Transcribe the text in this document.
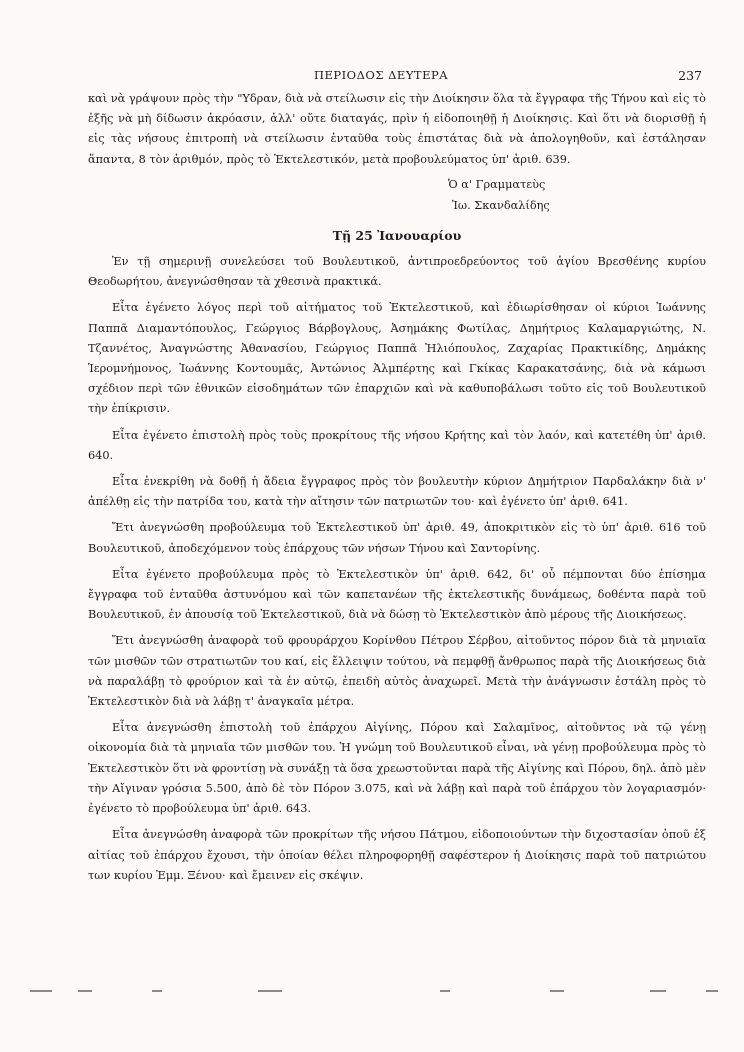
ΠΕΡΙΟΔΟΣ ΔΕΥΤΕΡΑ	237

καὶ νὰ γράψουν πρὸς τὴν "Υδραν, διὰ νὰ στείλωσιν εἰς τὴν Διοίκησιν ὅλα τὰ ἔγγραφα τῆς Τήνου καὶ εἰς τὸ ἑξῆς νὰ μὴ δίδωσιν ἀκρόασιν, ἀλλ' οὔτε διαταγάς, πρὶν ἡ εἰδοποιηθῇ ἡ Διοίκησις. Καὶ ὅτι νὰ διορισθῇ ἡ εἰς τὰς νήσους ἐπιτροπὴ νὰ στείλωσιν ἐνταῦθα τοὺς ἐπιστάτας διὰ νὰ ἀπολογηθοῦν, καὶ ἐστάλησαν ἅπαντα, 8 τὸν ἀριθμόν, πρὸς τὸ Ἐκτελεστικόν, μετὰ προβουλεύματος ὑπ' ἀριθ. 639.

Ὁ α' Γραμματεὺς
Ἰω. Σκανδαλίδης

Τῇ 25 Ἰανουαρίου

Ἐν τῇ σημερινῇ συνελεύσει τοῦ Βουλευτικοῦ, ἀντιπροεδρεύοντος τοῦ ἁγίου Βρεσθένης κυρίου Θεοδωρήτου, ἀνεγνώσθησαν τὰ χθεσινὰ πρακτικά.

Εἶτα ἐγένετο λόγος περὶ τοῦ αἰτήματος τοῦ Ἐκτελεστικοῦ, καὶ ἐδιωρίσθησαν οἱ κύριοι Ἰωάννης Παππᾶ Διαμαντόπουλος, Γεώργιος Βάρβογλους, Ἀσημάκης Φωτίλας, Δημήτριος Καλαμαργιώτης, Ν. Τζαννέτος, Ἀναγνώστης Ἀθανασίου, Γεώργιος Παππᾶ Ἠλιόπουλος, Ζαχαρίας Πρακτικίδης, Δημάκης Ἱερομνήμονος, Ἰωάννης Κοντουμᾶς, Ἀντώνιος Ἀλμπέρτης καὶ Γκίκας Καρακατσάνης, διὰ νὰ κάμωσι σχέδιον περὶ τῶν ἐθνικῶν εἰσοδημάτων τῶν ἐπαρχιῶν καὶ νὰ καθυποβάλωσι τοῦτο εἰς τοῦ Βουλευτικοῦ τὴν ἐπίκρισιν.

Εἶτα ἐγένετο ἐπιστολὴ πρὸς τοὺς προκρίτους τῆς νήσου Κρήτης καὶ τὸν λαόν, καὶ κατετέθη ὑπ' ἀριθ. 640.

Εἶτα ἐνεκρίθη νὰ δοθῇ ἡ ἄδεια ἔγγραφος πρὸς τὸν βουλευτὴν κύριον Δημήτριον Παρδαλάκην διὰ ν' ἀπέλθῃ εἰς τὴν πατρίδα του, κατὰ τὴν αἴτησιν τῶν πατριωτῶν του· καὶ ἐγένετο ὑπ' ἀριθ. 641.

Ἔτι ἀνεγνώσθη προβούλευμα τοῦ Ἐκτελεστικοῦ ὑπ' ἀριθ. 49, ἀποκριτικὸν εἰς τὸ ὑπ' ἀριθ. 616 τοῦ Βουλευτικοῦ, ἀποδεχόμενον τοὺς ἐπάρχους τῶν νήσων Τήνου καὶ Σαντορίνης.

Εἶτα ἐγένετο προβούλευμα πρὸς τὸ Ἐκτελεστικὸν ὑπ' ἀριθ. 642, δι' οὗ πέμπονται δύο ἐπίσημα ἔγγραφα τοῦ ἐνταῦθα ἀστυνόμου καὶ τῶν καπετανέων τῆς ἐκτελεστικῆς δυνάμεως, δοθέντα παρὰ τοῦ Βουλευτικοῦ, ἐν ἀπουσίᾳ τοῦ Ἐκτελεστικοῦ, διὰ νὰ δώσῃ τὸ Ἐκτελεστικὸν ἀπὸ μέρους τῆς Διοικήσεως.

Ἔτι ἀνεγνώσθη ἀναφορὰ τοῦ φρουράρχου Κορίνθου Πέτρου Σέρβου, αἰτοῦντος πόρον διὰ τὰ μηνιαῖα τῶν μισθῶν τῶν στρατιωτῶν του καί, εἰς ἔλλειψιν τούτου, νὰ πεμφθῇ ἄνθρωπος παρὰ τῆς Διοικήσεως διὰ νὰ παραλάβῃ τὸ φρούριον καὶ τὰ ἐν αὐτῷ, ἐπειδὴ αὐτὸς ἀναχωρεῖ. Μετὰ τὴν ἀνάγνωσιν ἐστάλη πρὸς τὸ Ἐκτελεστικὸν διὰ νὰ λάβῃ τ' ἀναγκαῖα μέτρα.

Εἶτα ἀνεγνώσθη ἐπιστολὴ τοῦ ἐπάρχου Αἰγίνης, Πόρου καὶ Σαλαμῖνος, αἰτοῦντος νὰ τῷ γένῃ οἰκονομία διὰ τὰ μηνιαῖα τῶν μισθῶν του. Ἡ γνώμη τοῦ Βουλευτικοῦ εἶναι, νὰ γένῃ προβούλευμα πρὸς τὸ Ἐκτελεστικὸν ὅτι νὰ φροντίσῃ νὰ συνάξῃ τὰ ὅσα χρεωστοῦνται παρὰ τῆς Αἰγίνης καὶ Πόρου, δηλ. ἀπὸ μὲν τὴν Αἴγιναν γρόσια 5.500, ἀπὸ δὲ τὸν Πόρον 3.075, καὶ νὰ λάβῃ καὶ παρὰ τοῦ ἐπάρχου τὸν λογαριασμόν· ἐγένετο τὸ προβούλευμα ὑπ' ἀριθ. 643.

Εἶτα ἀνεγνώσθη ἀναφορὰ τῶν προκρίτων τῆς νήσου Πάτμου, εἰδοποιούντων τὴν διχοστασίαν ὁποῦ ἐξ αἰτίας τοῦ ἐπάρχου ἔχουσι, τὴν ὁποίαν θέλει πληροφορηθῇ σαφέστερον ἡ Διοίκησις παρὰ τοῦ πατριώτου των κυρίου Ἐμμ. Ξένου· καὶ ἔμεινεν εἰς σκέψιν.
